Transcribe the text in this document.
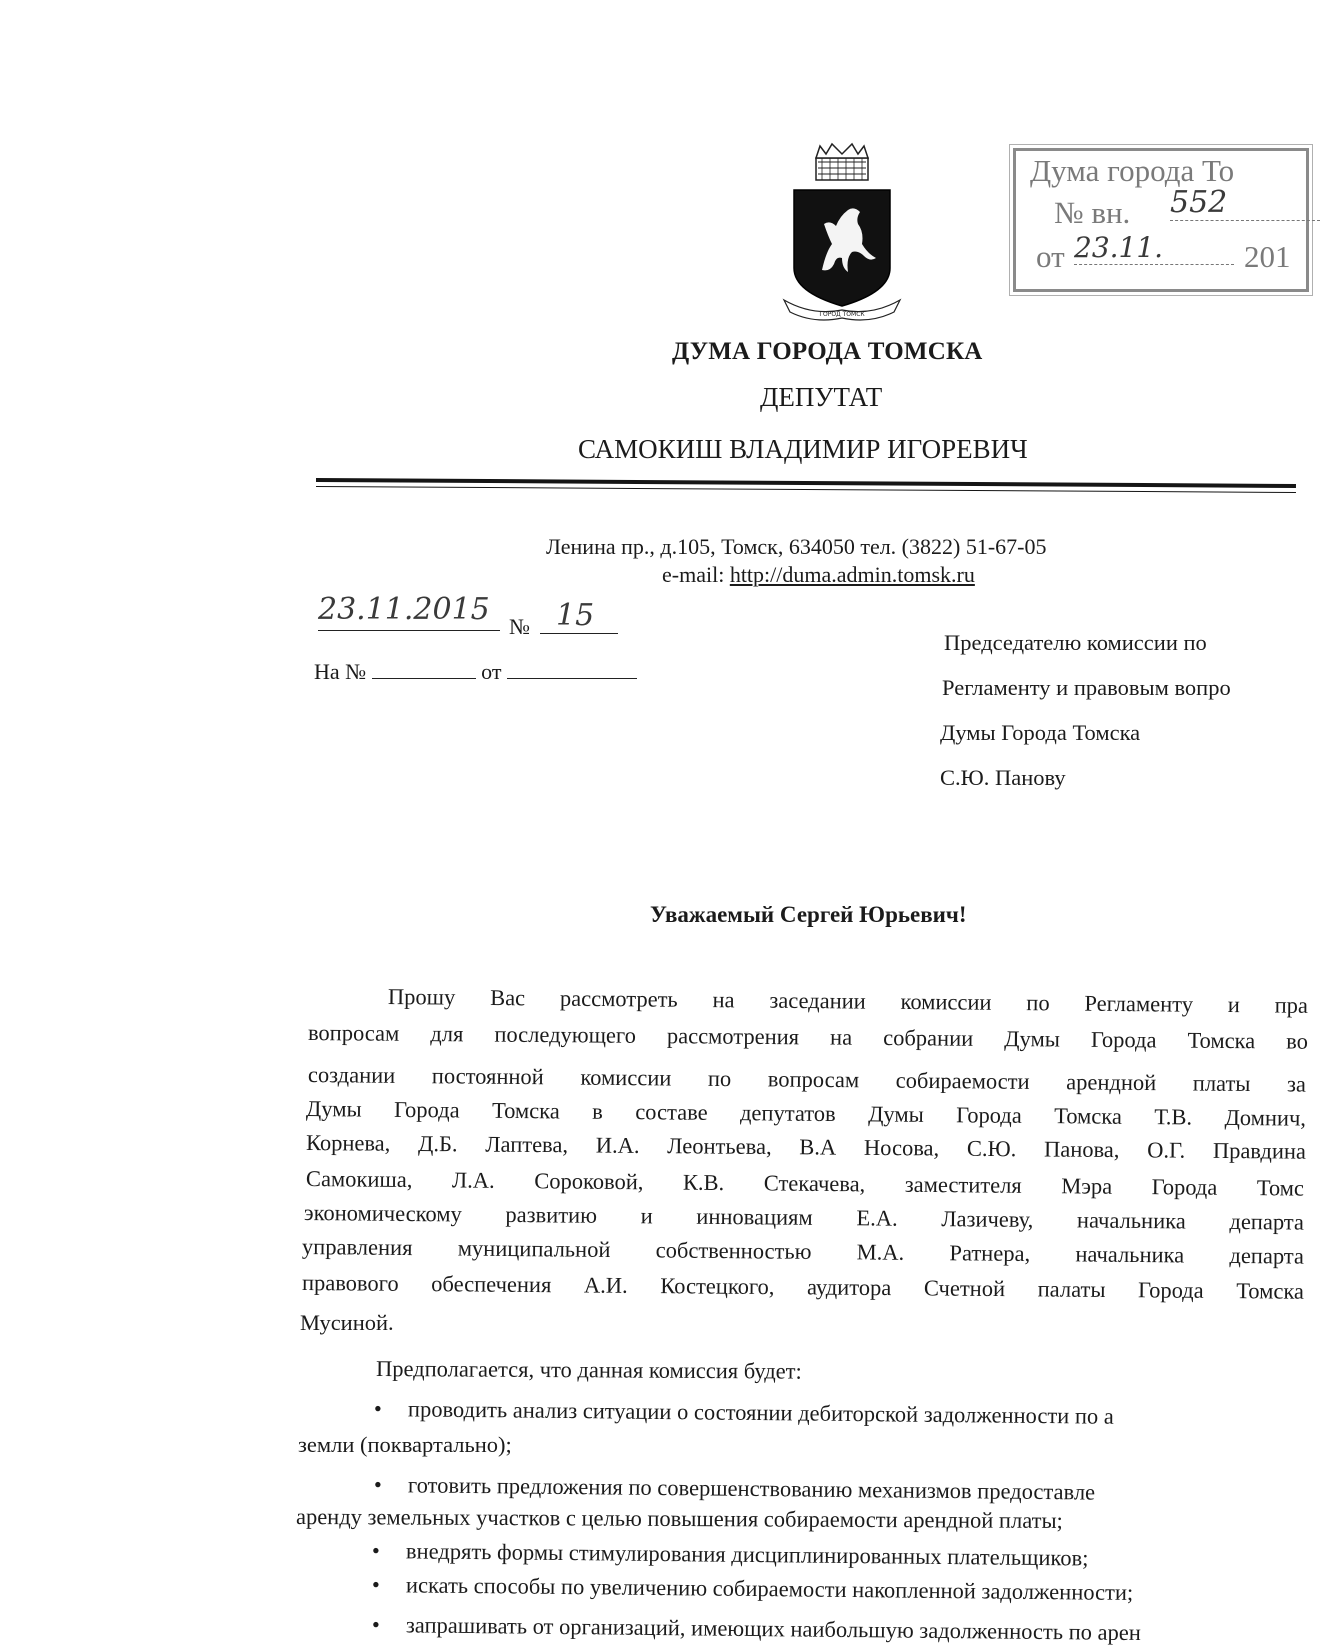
ГОРОД ТОМСК
Дума города То
№ вн. 552
от 23.11.	201
ДУМА ГОРОДА ТОМСКА
ДЕПУТАТ
САМОКИШ ВЛАДИМИР ИГОРЕВИЧ
Ленина пр., д.105, Томск, 634050 тел. (3822) 51-67-05
e-mail: http://duma.admin.tomsk.ru
23.11.2015 № 15
На №	от
Председателю комиссии по
Регламенту и правовым вопро
Думы Города Томска
С.Ю. Панову
Уважаемый Сергей Юрьевич!
Прошу Вас рассмотреть на заседании комиссии по Регламенту и пра
вопросам для последующего рассмотрения на собрании Думы Города Томска во
создании постоянной комиссии по вопросам собираемости арендной платы за
Думы Города Томска в составе депутатов Думы Города Томска Т.В. Домнич,
Корнева, Д.Б. Лаптева, И.А. Леонтьева, В.А Носова, С.Ю. Панова, О.Г. Правдина
Самокиша, Л.А. Сороковой, К.В. Стекачева, заместителя Мэра Города Томс
экономическому развитию и инновациям Е.А. Лазичеву, начальника департа
управления муниципальной собственностью М.А. Ратнера, начальника департа
правового обеспечения А.И. Костецкого, аудитора Счетной палаты Города Томска
Мусиной.
Предполагается, что данная комиссия будет:
• проводить анализ ситуации о состоянии дебиторской задолженности по а
земли (поквартально);
• готовить предложения по совершенствованию механизмов предоставле
аренду земельных участков с целью повышения собираемости арендной платы;
• внедрять формы стимулирования дисциплинированных плательщиков;
• искать способы по увеличению собираемости накопленной задолженности;
• запрашивать от организаций, имеющих наибольшую задолженность по арен
